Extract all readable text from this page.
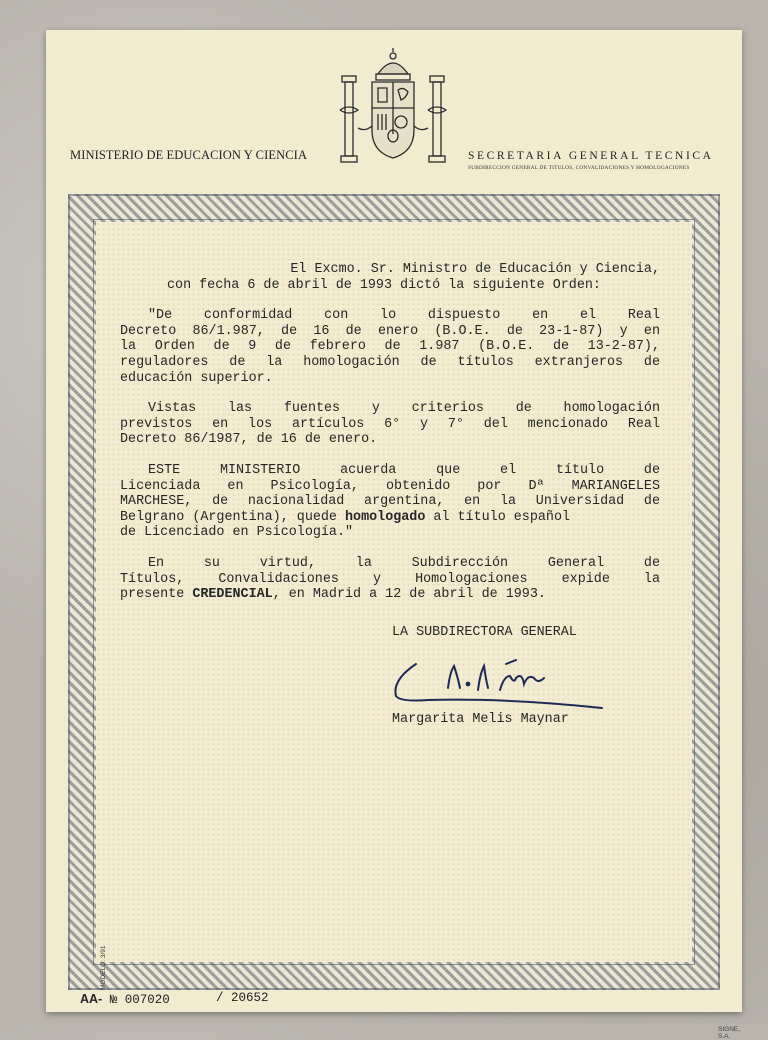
MINISTERIO DE EDUCACION Y CIENCIA	SECRETARIA GENERAL TECNICA
SUBDIRECCION GENERAL DE TITULOS, CONVALIDACIONES Y HOMOLOGACIONES
MODELO: 3/91
SIGNE, S.A.
El Excmo. Sr. Ministro de Educación y Ciencia,
con fecha 6 de abril de 1993 dictó la siguiente Orden:
"De conformidad con lo dispuesto en el Real
Decreto 86/1.987, de 16 de enero (B.O.E. de 23-1-87) y en
la Orden de 9 de febrero de 1.987 (B.O.E. de 13-2-87),
reguladores de la homologación de títulos extranjeros de
educación superior.
Vistas las fuentes y criterios de homologación
previstos en los artículos 6° y 7° del mencionado Real
Decreto 86/1987, de 16 de enero.
ESTE MINISTERIO acuerda que el título de
Licenciada en Psicología, obtenido por Dª MARIANGELES
MARCHESE, de nacionalidad argentina, en la Universidad de
Belgrano (Argentina), quede homologado al título español
de Licenciado en Psicología."
En su virtud, la Subdirección General de
Títulos, Convalidaciones y Homologaciones expide la
presente CREDENCIAL, en Madrid a 12 de abril de 1993.
LA SUBDIRECTORA GENERAL
Margarita Melis Maynar
AA- № 007020	/ 20652
